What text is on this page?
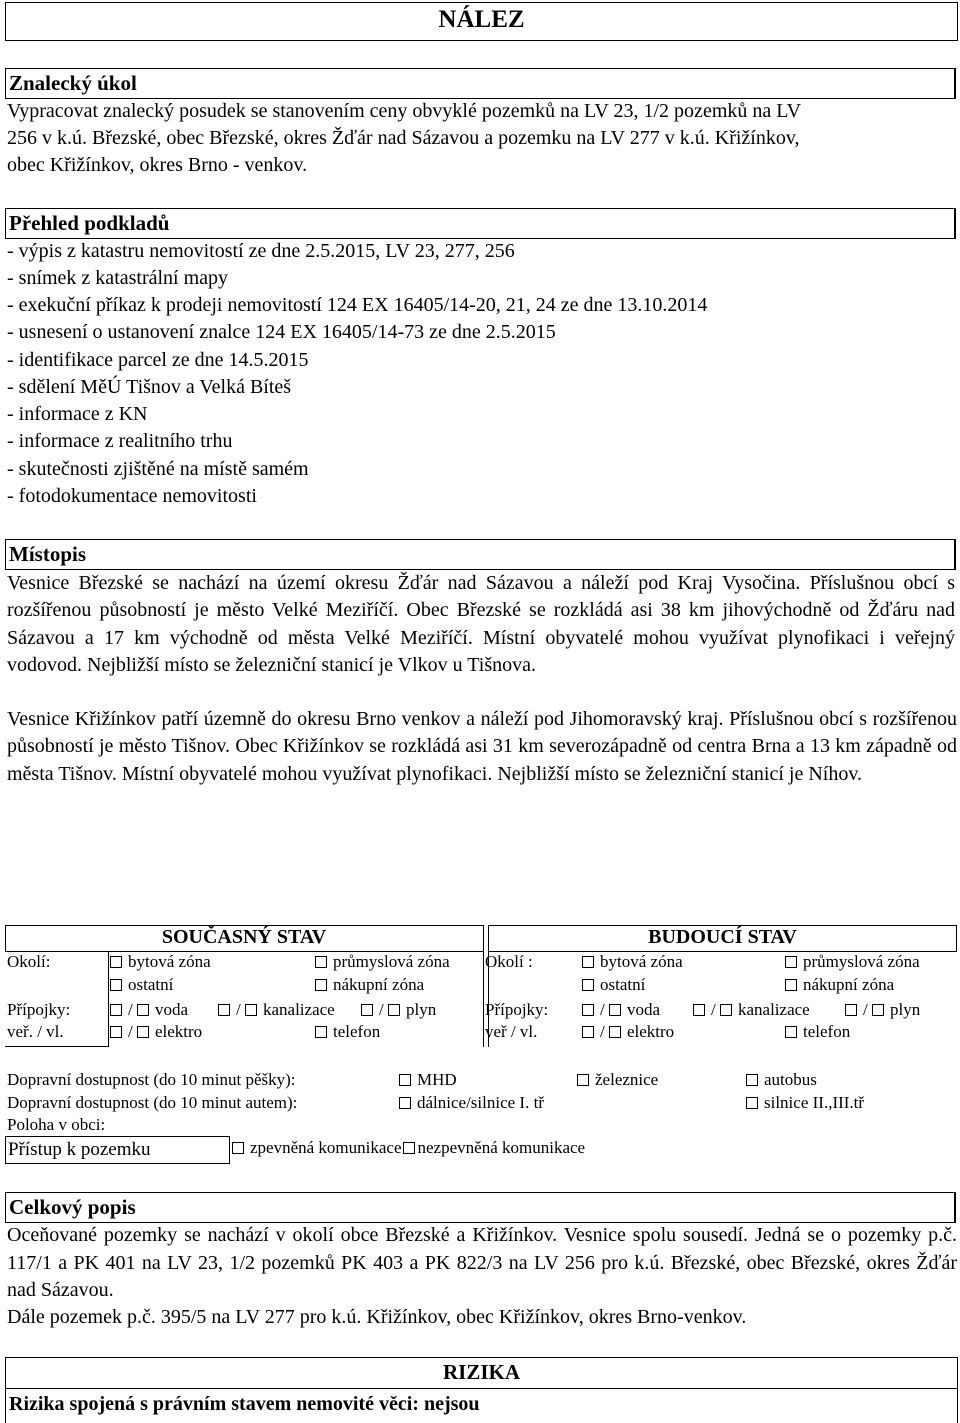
NÁLEZ
Znalecký úkol
Vypracovat znalecký posudek se stanovením ceny obvyklé pozemků na LV 23, 1/2 pozemků na LV
256 v k.ú. Březské, obec Březské, okres Žďár nad Sázavou a pozemku na LV 277 v k.ú. Křižínkov,
obec Křižínkov, okres Brno - venkov.
Přehled podkladů
- výpis z katastru nemovitostí ze dne 2.5.2015, LV 23, 277, 256
- snímek z katastrální mapy
- exekuční příkaz k prodeji nemovitostí 124 EX 16405/14-20, 21, 24 ze dne 13.10.2014
- usnesení o ustanovení znalce 124 EX 16405/14-73 ze dne 2.5.2015
- identifikace parcel ze dne 14.5.2015
- sdělení MěÚ Tišnov a Velká Bíteš
- informace z KN
- informace z realitního trhu
- skutečnosti zjištěné na místě samém
- fotodokumentace nemovitosti
Místopis
Vesnice Březské se nachází na území okresu Žďár nad Sázavou a náleží pod Kraj Vysočina. Příslušnou obcí s rozšířenou působností je město Velké Meziříčí. Obec Březské se rozkládá asi 38 km jihovýchodně od Žďáru nad Sázavou a 17 km východně od města Velké Meziříčí. Místní obyvatelé mohou využívat plynofikaci i veřejný vodovod. Nejbližší místo se železniční stanicí je Vlkov u Tišnova.
Vesnice Křižínkov patří územně do okresu Brno venkov a náleží pod Jihomoravský kraj. Příslušnou obcí s rozšířenou působností je město Tišnov. Obec Křižínkov se rozkládá asi 31 km severozápadně od centra Brna a 13 km západně od města Tišnov. Místní obyvatelé mohou využívat plynofikaci. Nejbližší místo se železniční stanicí je Níhov.
SOUČASNÝ STAV	BUDOUCÍ STAV
Okolí:	bytová zóna	průmyslová zóna
ostatní	nákupní zóna
Přípojky:	/ voda	/ kanalizace	/ plyn
veř. / vl.	/ elektro	telefon
Okolí :	bytová zóna	průmyslová zóna
ostatní	nákupní zóna
Přípojky:	/ voda	/ kanalizace	/ plyn
veř / vl.	/ elektro	telefon
Dopravní dostupnost (do 10 minut pěšky):	MHD	železnice	autobus
Dopravní dostupnost (do 10 minut autem):	dálnice/silnice I. tř	silnice II.,III.tř
Poloha v obci:
Přístup k pozemku	zpevněná komunikace nezpevněná komunikace
Celkový popis
Oceňované pozemky se nachází v okolí obce Březské a Křižínkov. Vesnice spolu sousedí. Jedná se o pozemky p.č. 117/1 a PK 401 na LV 23, 1/2 pozemků PK 403 a PK 822/3 na LV 256 pro k.ú. Březské, obec Březské, okres Žďár nad Sázavou.
Dále pozemek p.č. 395/5 na LV 277 pro k.ú. Křižínkov, obec Křižínkov, okres Brno-venkov.
RIZIKA
Rizika spojená s právním stavem nemovité věci: nejsou
